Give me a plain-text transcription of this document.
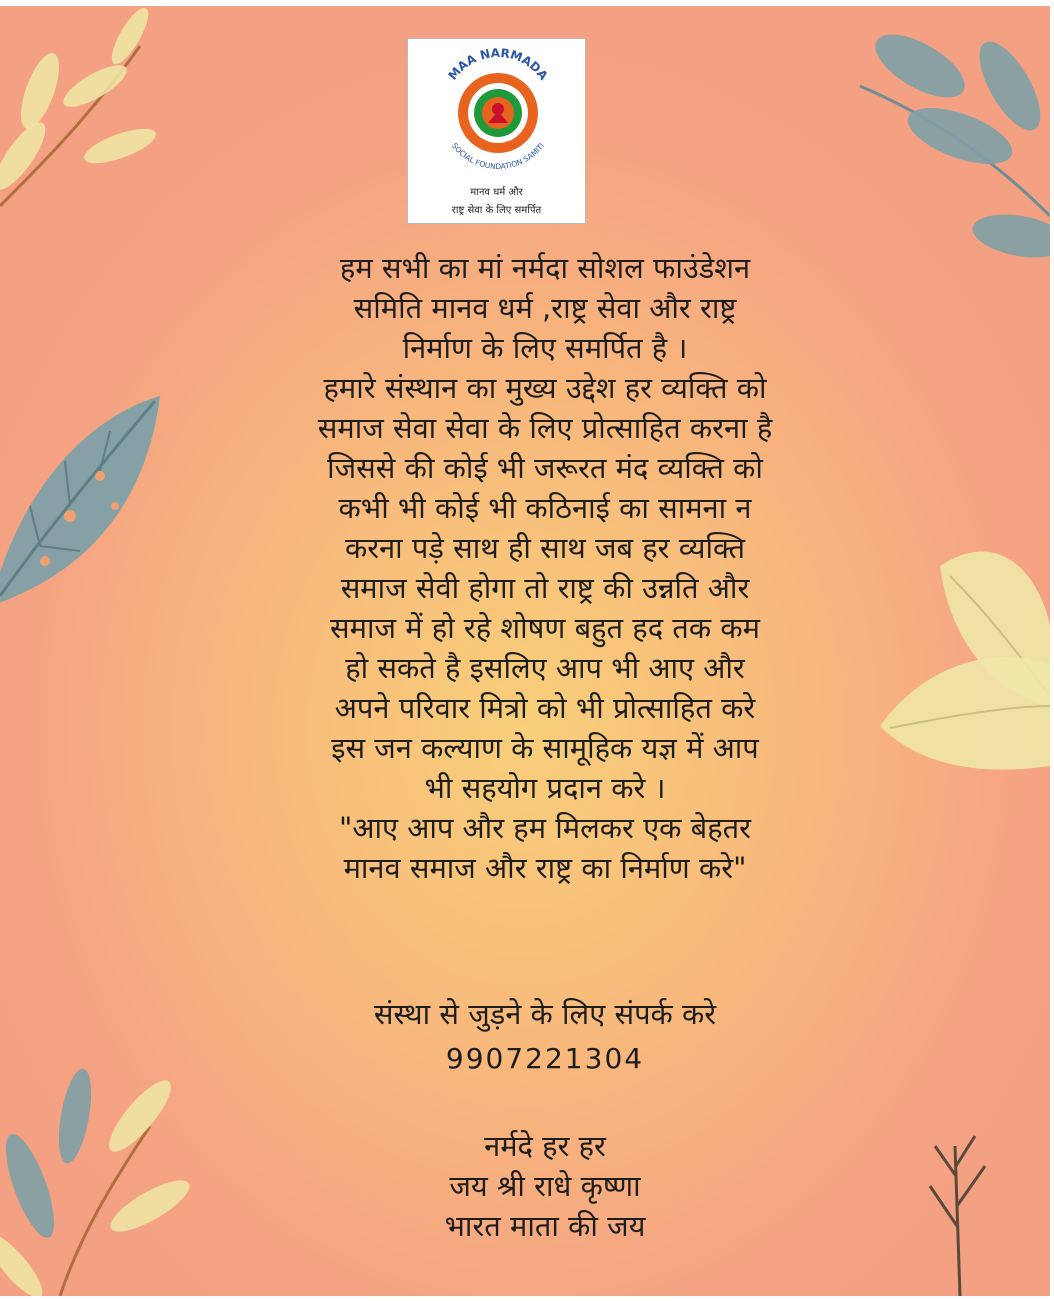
MAA NARMADA
SOCIAL FOUNDATION SAMITI
मानव धर्म और
राष्ट्र सेवा के लिए समर्पित

हम सभी का मां नर्मदा सोशल फाउंडेशन
समिति मानव धर्म ,राष्ट्र सेवा और राष्ट्र
निर्माण के लिए समर्पित है ।
हमारे संस्थान का मुख्य उद्देश हर व्यक्ति को
समाज सेवा सेवा के लिए प्रोत्साहित करना है
जिससे की कोई भी जरूरत मंद व्यक्ति को
कभी भी कोई भी कठिनाई का सामना न
करना पड़े साथ ही साथ जब हर व्यक्ति
समाज सेवी होगा तो राष्ट्र की उन्नति और
समाज में हो रहे शोषण बहुत हद तक कम
हो सकते है इसलिए आप भी आए और
अपने परिवार मित्रो को भी प्रोत्साहित करे
इस जन कल्याण के सामूहिक यज्ञ में आप
भी सहयोग प्रदान करे ।
"आए आप और हम मिलकर एक बेहतर
मानव समाज और राष्ट्र का निर्माण करे"

संस्था से जुड़ने के लिए संपर्क करे
9907221304
नर्मदे हर हर
जय श्री राधे कृष्णा
भारत माता की जय
